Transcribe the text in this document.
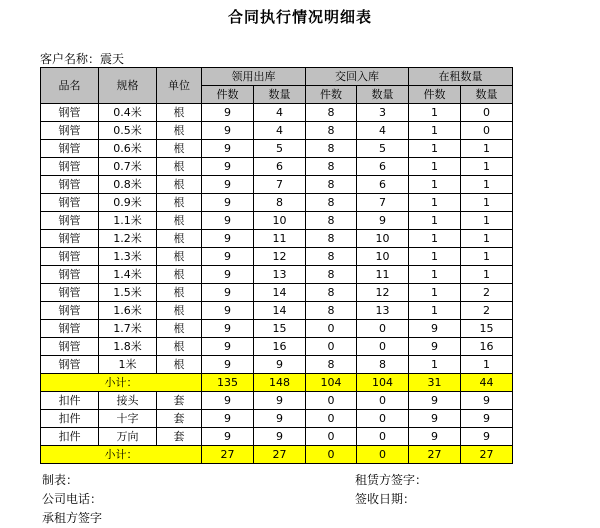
合同执行情况明细表
客户名称：震天
品名	规格	单位	领用出库		交回入库		在租数量	
			件数	数量	件数	数量	件数	数量
钢管	0.4米	根	9	4	8	3	1	0
钢管	0.5米	根	9	4	8	4	1	0
钢管	0.6米	根	9	5	8	5	1	1
钢管	0.7米	根	9	6	8	6	1	1
钢管	0.8米	根	9	7	8	6	1	1
钢管	0.9米	根	9	8	8	7	1	1
钢管	1.1米	根	9	10	8	9	1	1
钢管	1.2米	根	9	11	8	10	1	1
钢管	1.3米	根	9	12	8	10	1	1
钢管	1.4米	根	9	13	8	11	1	1
钢管	1.5米	根	9	14	8	12	1	2
钢管	1.6米	根	9	14	8	13	1	2
钢管	1.7米	根	9	15	0	0	9	15
钢管	1.8米	根	9	16	0	0	9	16
钢管	1米	根	9	9	8	8	1	1
小计：			135	148	104	104	31	44
扣件	接头	套	9	9	0	0	9	9
扣件	十字	套	9	9	0	0	9	9
扣件	万向	套	9	9	0	0	9	9
小计：			27	27	0	0	27	27
制表：	租赁方签字：
公司电话：	签收日期：
承租方签字
